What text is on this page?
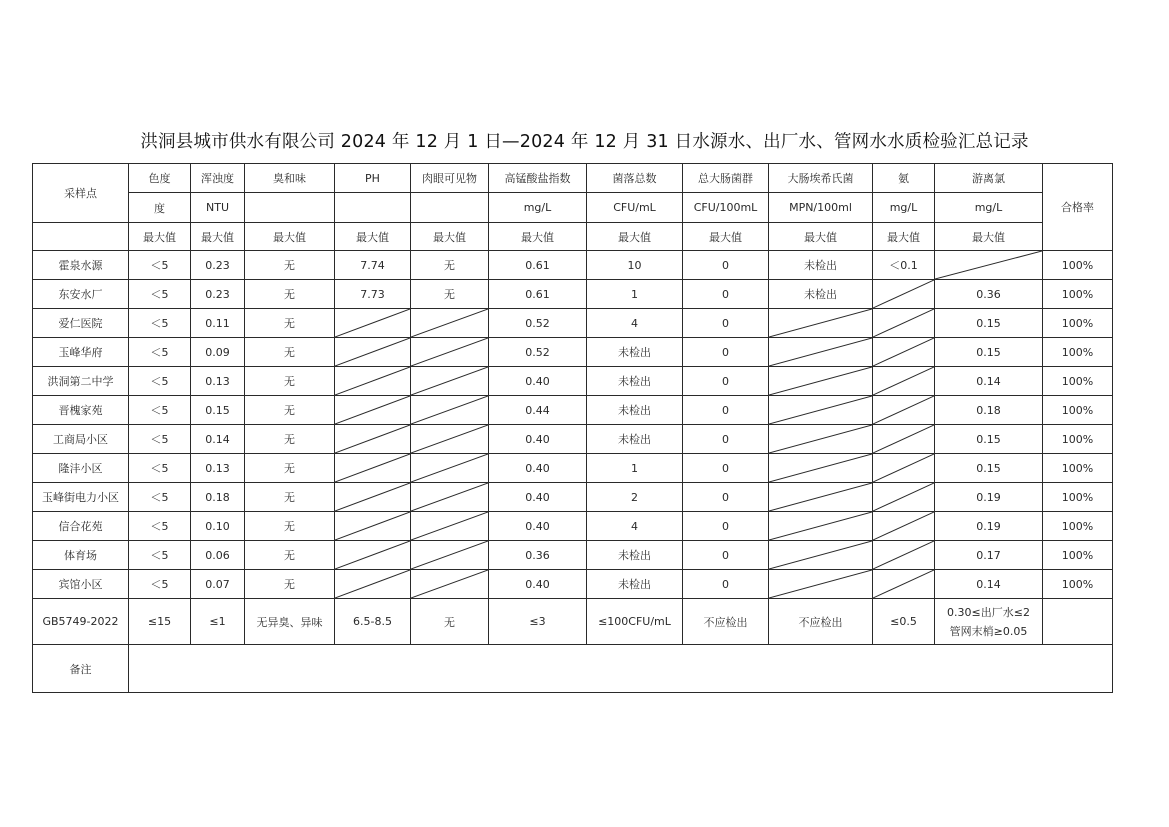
洪洞县城市供水有限公司 2024 年 12 月 1 日—2024 年 12 月 31 日水源水、出厂水、管网水水质检验汇总记录
采样点	色度	浑浊度	臭和味	PH	肉眼可见物	高锰酸盐指数	菌落总数	总大肠菌群	大肠埃希氏菌	氨	游离氯	合格率
	度	NTU				mg/L	CFU/mL	CFU/100mL	MPN/100ml	mg/L	mg/L	
	最大值	最大值	最大值	最大值	最大值	最大值	最大值	最大值	最大值	最大值	最大值	
霍泉水源	＜5	0.23	无	7.74	无	0.61	10	0	未检出	＜0.1		100%
东安水厂	＜5	0.23	无	7.73	无	0.61	1	0	未检出		0.36	100%
爱仁医院	＜5	0.11	无			0.52	4	0			0.15	100%
玉峰华府	＜5	0.09	无			0.52	未检出	0			0.15	100%
洪洞第二中学	＜5	0.13	无			0.40	未检出	0			0.14	100%
晋槐家苑	＜5	0.15	无			0.44	未检出	0			0.18	100%
工商局小区	＜5	0.14	无			0.40	未检出	0			0.15	100%
隆沣小区	＜5	0.13	无			0.40	1	0			0.15	100%
玉峰街电力小区	＜5	0.18	无			0.40	2	0			0.19	100%
信合花苑	＜5	0.10	无			0.40	4	0			0.19	100%
体育场	＜5	0.06	无			0.36	未检出	0			0.17	100%
宾馆小区	＜5	0.07	无			0.40	未检出	0			0.14	100%
GB5749-2022	≤15	≤1	无异臭、异味	6.5-8.5	无	≤3	≤100CFU/mL	不应检出	不应检出	≤0.5	0.30≤出厂水≤2
管网末梢≥0.05	

备注												
